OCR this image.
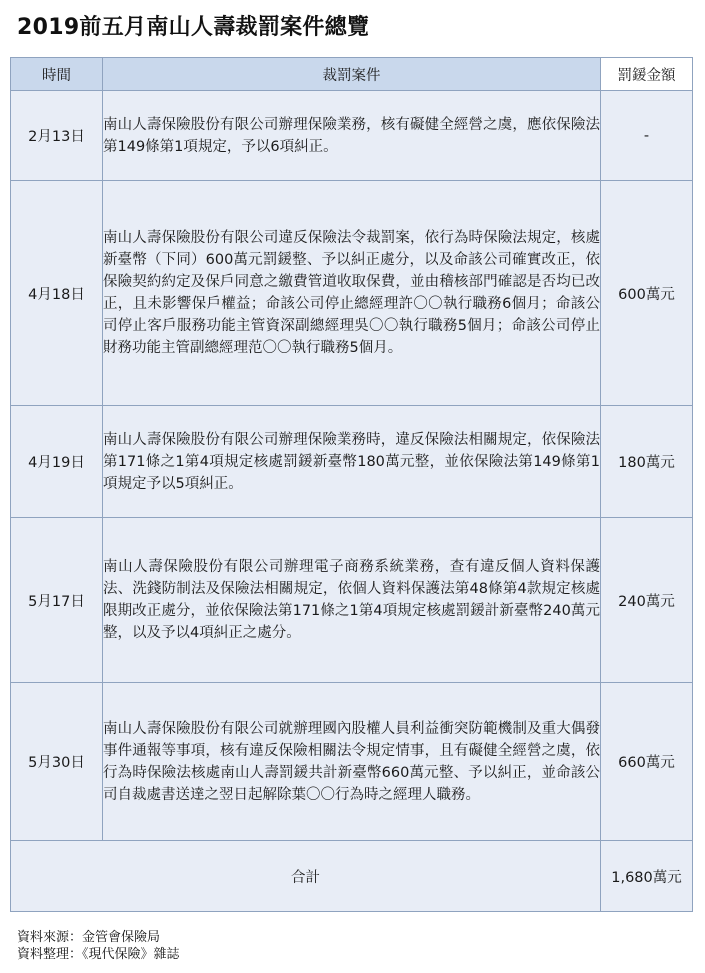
2019前五月南山人壽裁罰案件總覽
時間	裁罰案件	罰鍰金額
2月13日	南山人壽保險股份有限公司辦理保險業務，核有礙健全經營之虞，應依保險法第149條第1項規定，予以6項糾正。	-
4月18日	南山人壽保險股份有限公司違反保險法令裁罰案，依行為時保險法規定，核處新臺幣（下同）600萬元罰鍰整、予以糾正處分，以及命該公司確實改正，依保險契約約定及保戶同意之繳費管道收取保費，並由稽核部門確認是否均已改正，且未影響保戶權益；命該公司停止總經理許〇〇執行職務6個月；命該公司停止客戶服務功能主管資深副總經理吳〇〇執行職務5個月；命該公司停止財務功能主管副總經理范〇〇執行職務5個月。	600萬元
4月19日	南山人壽保險股份有限公司辦理保險業務時，違反保險法相關規定，依保險法第171條之1第4項規定核處罰鍰新臺幣180萬元整，並依保險法第149條第1項規定予以5項糾正。	180萬元
5月17日	南山人壽保險股份有限公司辦理電子商務系統業務，查有違反個人資料保護法、洗錢防制法及保險法相關規定，依個人資料保護法第48條第4款規定核處限期改正處分，並依保險法第171條之1第4項規定核處罰鍰計新臺幣240萬元整，以及予以4項糾正之處分。	240萬元
5月30日	南山人壽保險股份有限公司就辦理國內股權人員利益衝突防範機制及重大偶發事件通報等事項，核有違反保險相關法令規定情事，且有礙健全經營之虞，依行為時保險法核處南山人壽罰鍰共計新臺幣660萬元整、予以糾正，並命該公司自裁處書送達之翌日起解除葉〇〇行為時之經理人職務。	660萬元
合計		1,680萬元
資料來源：金管會保險局
資料整理：《現代保險》雜誌
